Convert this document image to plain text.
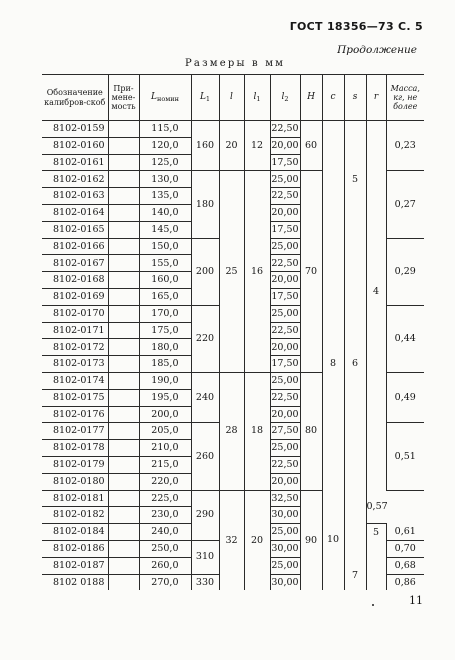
ГОСТ 18356—73 С. 5
Продолжение
Размеры в мм
Обозначение калибров-скоб	При-мене-мость	$L_{номин}$	$L_1$	l	$l_1$	$l_2$	H	c	s	r	Масса, кг, не более
8102-0159		115,0	160	20	12	22,50	60		5		0,23
8102-0160		120,0				20,00					
8102-0161		125,0				17,50					
8102-0162		130,0	180	25	16	25,00	70				0,27
8102-0163		135,0				22,50					
8102-0164		140,0				20,00					
8102-0165		145,0				17,50					
8102-0166		150,0	200			25,00		8	6		0,29
8102-0167		155,0				22,50					
8102-0168		160,0				20,00					
8102-0169		165,0				17,50					
8102-0170		170,0	220			25,00				4	0,44
8102-0171		175,0				22,50					
8102-0172		180,0				20,00					
8102-0173		185,0				17,50					
8102-0174		190,0	240	28	18	25,00	80				0,49
8102-0175		195,0				22,50					
8102-0176		200,0				20,00					
8102-0177		205,0	260			27,50					0,51
8102-0178		210,0				25,00					
8102-0179		215,0				22,50					
8102-0180		220,0				20,00					
8102-0181		225,0	290	32	20	32,50	90	10	7	0,57	
8102-0182		230,0				30,00					
8102-0184		240,0				25,00				5	0,61
8102-0186		250,0	310			30,00					0,70
8102-0187		260,0				25,00					0,68
8102 0188		270,0	330			30,00					0,86
11
